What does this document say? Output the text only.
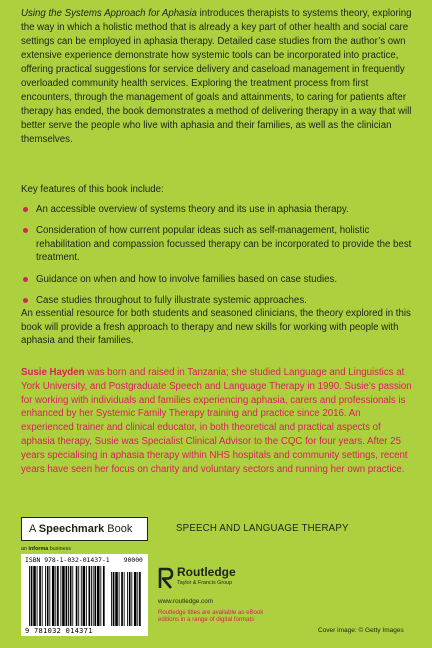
Using the Systems Approach for Aphasia introduces therapists to systems theory, exploring the way in which a holistic method that is already a key part of other health and social care settings can be employed in aphasia therapy. Detailed case studies from the author’s own extensive experience demonstrate how systemic tools can be incorporated into practice, offering practical suggestions for service delivery and caseload management in frequently overloaded community health services. Exploring the treatment process from first encounters, through the management of goals and attainments, to caring for patients after therapy has ended, the book demonstrates a method of delivering therapy in a way that will better serve the people who live with aphasia and their families, as well as the clinician themselves.

Key features of this book include:

An accessible overview of systems theory and its use in aphasia therapy.
Consideration of how current popular ideas such as self-management, holistic rehabilitation and compassion focussed therapy can be incorporated to provide the best treatment.
Guidance on when and how to involve families based on case studies.
Case studies throughout to fully illustrate systemic approaches.

An essential resource for both students and seasoned clinicians, the theory explored in this book will provide a fresh approach to therapy and new skills for working with people with aphasia and their families.

Susie Hayden was born and raised in Tanzania; she studied Language and Linguistics at York University, and Postgraduate Speech and Language Therapy in 1990. Susie’s passion for working with individuals and families experiencing aphasia, carers and professionals is enhanced by her Systemic Family Therapy training and practice since 2016. An experienced trainer and clinical educator, in both theoretical and practical aspects of aphasia therapy, Susie was Specialist Clinical Advisor to the CQC for four years. After 25 years specialising in aphasia therapy within NHS hospitals and community settings, recent years have seen her focus on charity and voluntary sectors and running her own practice.

A Speechmark Book	SPEECH AND LANGUAGE THERAPY
an informa business
ISBN 978-1-032-01437-1 90000
9 781032 014371
Routledge
Taylor & Francis Group
www.routledge.com

Routledge titles are available as eBook editions in a range of digital formats

Cover image: © Getty Images
